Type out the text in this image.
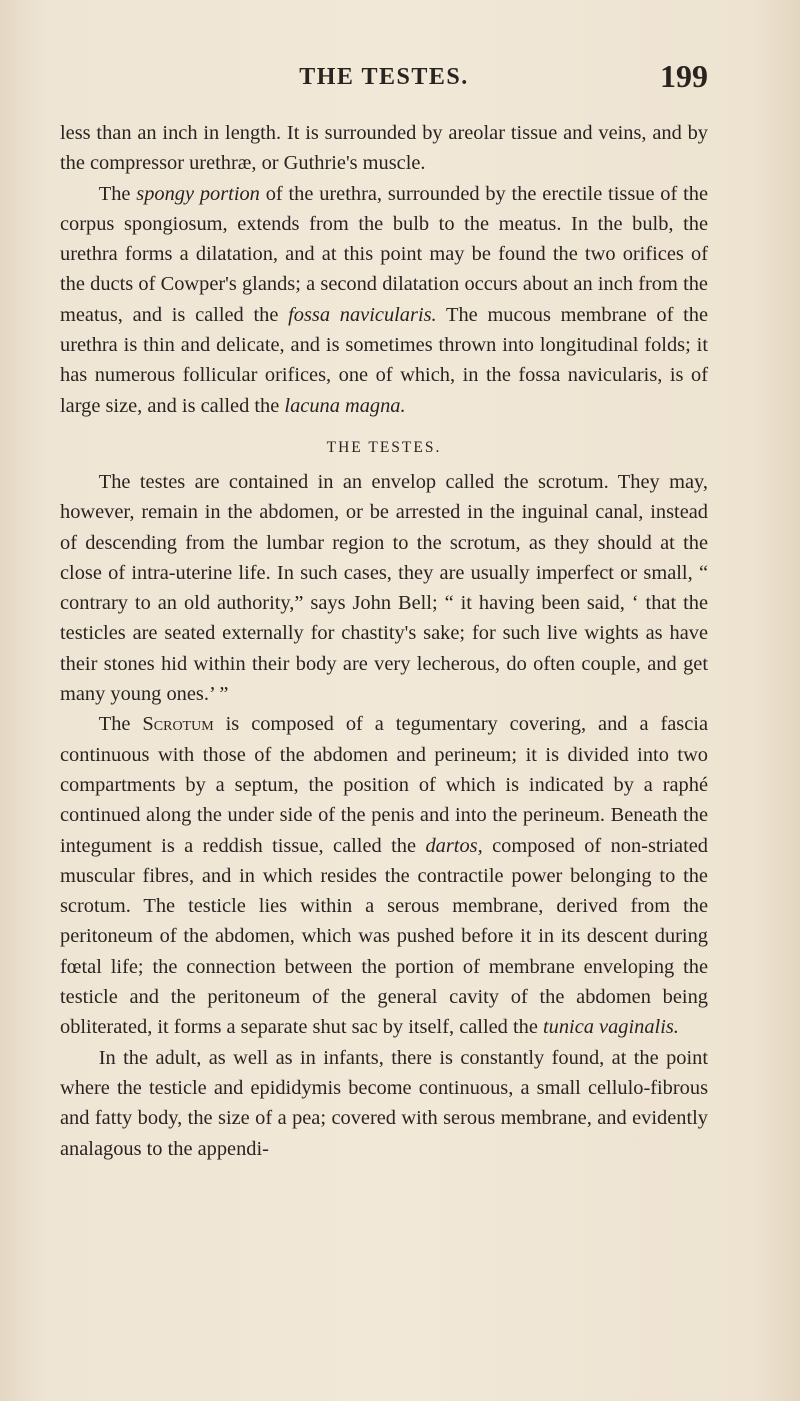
THE TESTES.	199

less than an inch in length. It is surrounded by areolar tissue and veins, and by the compressor urethræ, or Guthrie's muscle.

The spongy portion of the urethra, surrounded by the erectile tissue of the corpus spongiosum, extends from the bulb to the meatus. In the bulb, the urethra forms a dilatation, and at this point may be found the two orifices of the ducts of Cowper's glands; a second dilatation occurs about an inch from the meatus, and is called the fossa navicularis. The mucous membrane of the urethra is thin and delicate, and is sometimes thrown into longitudinal folds; it has numerous follicular orifices, one of which, in the fossa navicularis, is of large size, and is called the lacuna magna.

THE TESTES.

The testes are contained in an envelop called the scrotum. They may, however, remain in the abdomen, or be arrested in the inguinal canal, instead of descending from the lumbar region to the scrotum, as they should at the close of intra-uterine life. In such cases, they are usually imperfect or small, “ contrary to an old authority,” says John Bell; “ it having been said, ‘ that the testicles are seated externally for chastity's sake; for such live wights as have their stones hid within their body are very lecherous, do often couple, and get many young ones.’ ”

The Scrotum is composed of a tegumentary covering, and a fascia continuous with those of the abdomen and perineum; it is divided into two compartments by a septum, the position of which is indicated by a raphé continued along the under side of the penis and into the perineum. Beneath the integument is a reddish tissue, called the dartos, composed of non-striated muscular fibres, and in which resides the contractile power belonging to the scrotum. The testicle lies within a serous membrane, derived from the peritoneum of the abdomen, which was pushed before it in its descent during fœtal life; the connection between the portion of membrane enveloping the testicle and the peritoneum of the general cavity of the abdomen being obliterated, it forms a separate shut sac by itself, called the tunica vaginalis.

In the adult, as well as in infants, there is constantly found, at the point where the testicle and epididymis become continuous, a small cellulo-fibrous and fatty body, the size of a pea; covered with serous membrane, and evidently analagous to the appendi-
